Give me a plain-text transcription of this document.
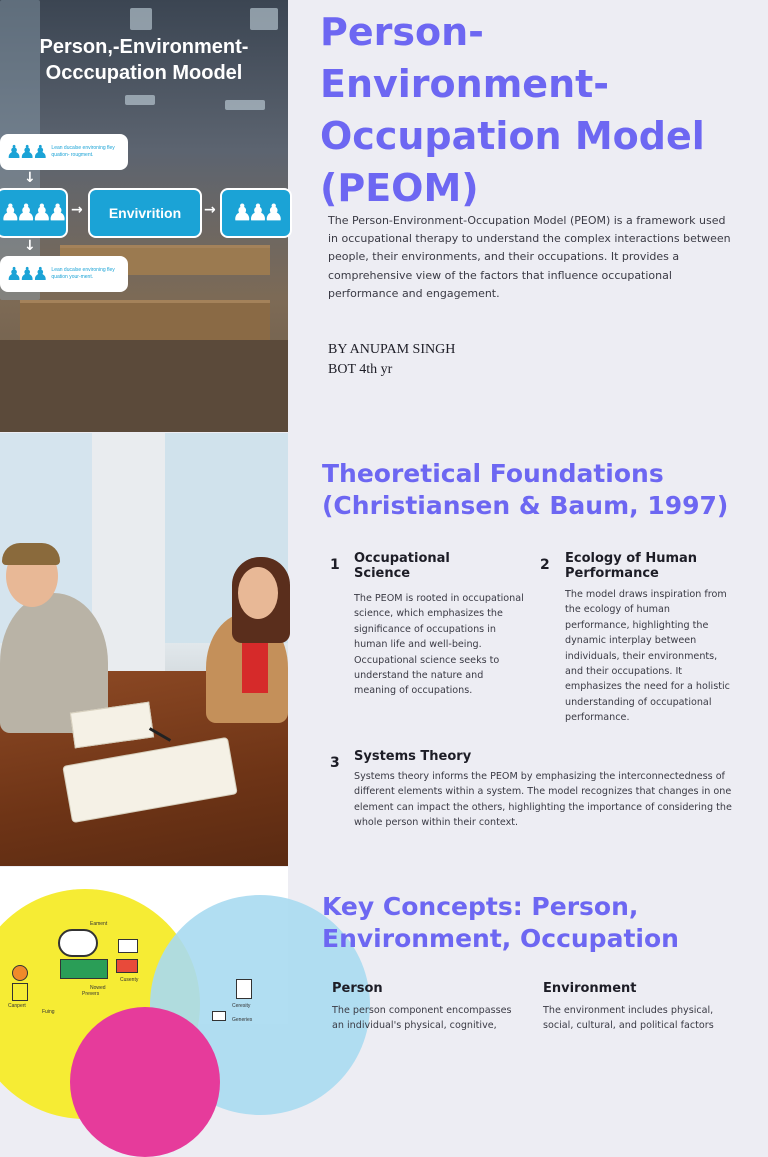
Person,-Environment-
Occcupation Moodel
♟♟♟ Lean ducalse environing fley quation- rougment.
↓
♟♟♟♟ → Envivrition → ♟♟♟
↓
♟♟♟ Lean ducalse environing fley quation your-ment.
Person-Environment-Occupation Model (PEOM)

The Person-Environment-Occupation Model (PEOM) is a framework used in occupational therapy to understand the complex interactions between people, their environments, and their occupations. It provides a comprehensive view of the factors that influence occupational performance and engagement.

BY ANUPAM SINGH
BOT 4th yr
Theoretical Foundations (Christiansen & Baum, 1997)
1 Occupational Science
The PEOM is rooted in occupational science, which emphasizes the significance of occupations in human life and well-being. Occupational science seeks to understand the nature and meaning of occupations.
2 Ecology of Human Performance
The model draws inspiration from the ecology of human performance, highlighting the dynamic interplay between individuals, their environments, and their occupations. It emphasizes the need for a holistic understanding of occupational performance.
3 Systems Theory
Systems theory informs the PEOM by emphasizing the interconnectedness of different elements within a system. The model recognizes that changes in one element can impact the others, highlighting the importance of considering the whole person within their context.
Eament
Cusenty
Nowed
Prevers
Canpert
Fuing
Ceresity
Generies
Key Concepts: Person, Environment, Occupation
Person
The person component encompasses an individual's physical, cognitive,
Environment
The environment includes physical, social, cultural, and political factors
